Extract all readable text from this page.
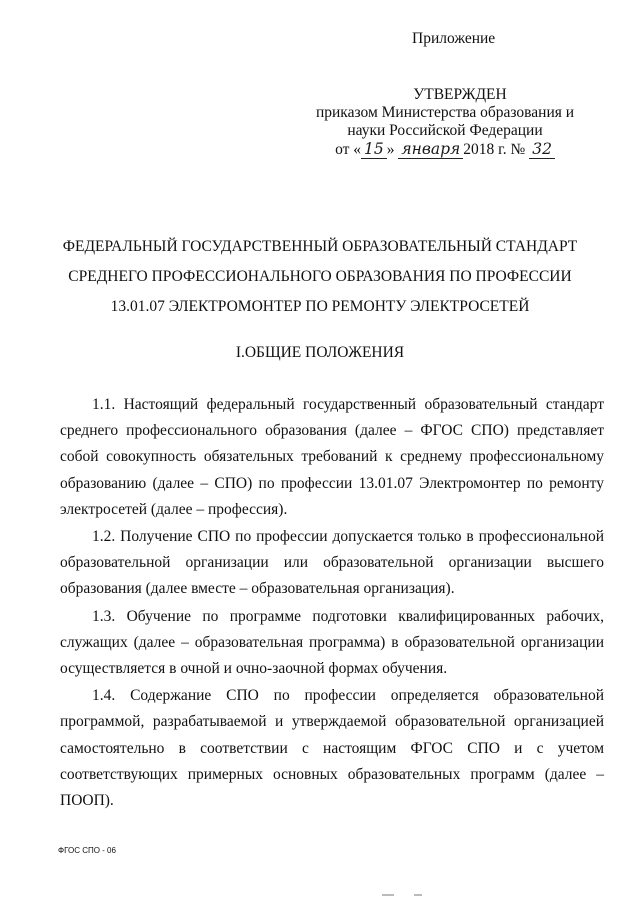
Приложение
УТВЕРЖДЕН
приказом Министерства образования и
науки Российской Федерации
от « 15 » января 2018 г. № 32
ФЕДЕРАЛЬНЫЙ ГОСУДАРСТВЕННЫЙ ОБРАЗОВАТЕЛЬНЫЙ СТАНДАРТ
СРЕДНЕГО ПРОФЕССИОНАЛЬНОГО ОБРАЗОВАНИЯ ПО ПРОФЕССИИ
13.01.07 ЭЛЕКТРОМОНТЕР ПО РЕМОНТУ ЭЛЕКТРОСЕТЕЙ
I.ОБЩИЕ ПОЛОЖЕНИЯ

1.1. Настоящий федеральный государственный образовательный стандарт среднего профессионального образования (далее – ФГОС СПО) представляет собой совокупность обязательных требований к среднему профессиональному образованию (далее – СПО) по профессии 13.01.07 Электромонтер по ремонту электросетей (далее – профессия).

1.2. Получение СПО по профессии допускается только в профессиональной образовательной организации или образовательной организации высшего образования (далее вместе – образовательная организация).

1.3. Обучение по программе подготовки квалифицированных рабочих, служащих (далее – образовательная программа) в образовательной организации осуществляется в очной и очно-заочной формах обучения.

1.4. Содержание СПО по профессии определяется образовательной программой, разрабатываемой и утверждаемой образовательной организацией самостоятельно в соответствии с настоящим ФГОС СПО и с учетом соответствующих примерных основных образовательных программ (далее – ПООП).

ФГОС СПО - 06
